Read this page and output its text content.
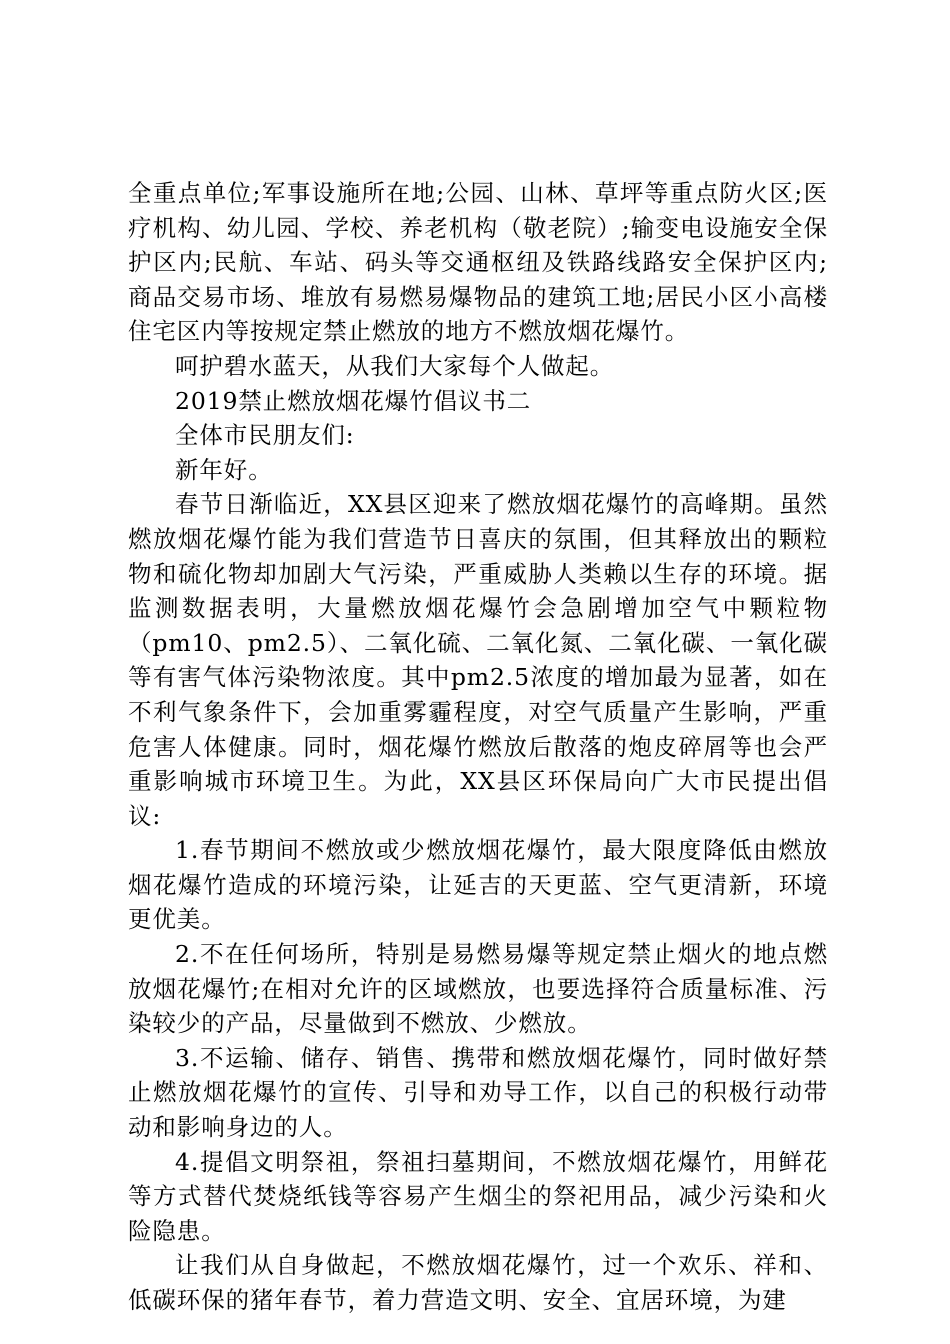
全重点单位;军事设施所在地;公园、山林、草坪等重点防火区;医疗机构、幼儿园、学校、养老机构（敬老院）;输变电设施安全保护区内;民航、车站、码头等交通枢纽及铁路线路安全保护区内;商品交易市场、堆放有易燃易爆物品的建筑工地;居民小区小高楼住宅区内等按规定禁止燃放的地方不燃放烟花爆竹。

呵护碧水蓝天，从我们大家每个人做起。

2019禁止燃放烟花爆竹倡议书二

全体市民朋友们:

新年好。

春节日渐临近，XX县区迎来了燃放烟花爆竹的高峰期。虽然燃放烟花爆竹能为我们营造节日喜庆的氛围，但其释放出的颗粒物和硫化物却加剧大气污染，严重威胁人类赖以生存的环境。据监测数据表明，大量燃放烟花爆竹会急剧增加空气中颗粒物（pm10、pm2.5）、二氧化硫、二氧化氮、二氧化碳、一氧化碳等有害气体污染物浓度。其中pm2.5浓度的增加最为显著，如在不利气象条件下，会加重雾霾程度，对空气质量产生影响，严重危害人体健康。同时，烟花爆竹燃放后散落的炮皮碎屑等也会严重影响城市环境卫生。为此，XX县区环保局向广大市民提出倡议:

1.春节期间不燃放或少燃放烟花爆竹，最大限度降低由燃放烟花爆竹造成的环境污染，让延吉的天更蓝、空气更清新，环境更优美。

2.不在任何场所，特别是易燃易爆等规定禁止烟火的地点燃放烟花爆竹;在相对允许的区域燃放，也要选择符合质量标准、污染较少的产品，尽量做到不燃放、少燃放。

3.不运输、储存、销售、携带和燃放烟花爆竹，同时做好禁止燃放烟花爆竹的宣传、引导和劝导工作，以自己的积极行动带动和影响身边的人。

4.提倡文明祭祖，祭祖扫墓期间，不燃放烟花爆竹，用鲜花等方式替代焚烧纸钱等容易产生烟尘的祭祀用品，减少污染和火险隐患。

让我们从自身做起，不燃放烟花爆竹，过一个欢乐、祥和、低碳环保的猪年春节，着力营造文明、安全、宜居环境，为建
